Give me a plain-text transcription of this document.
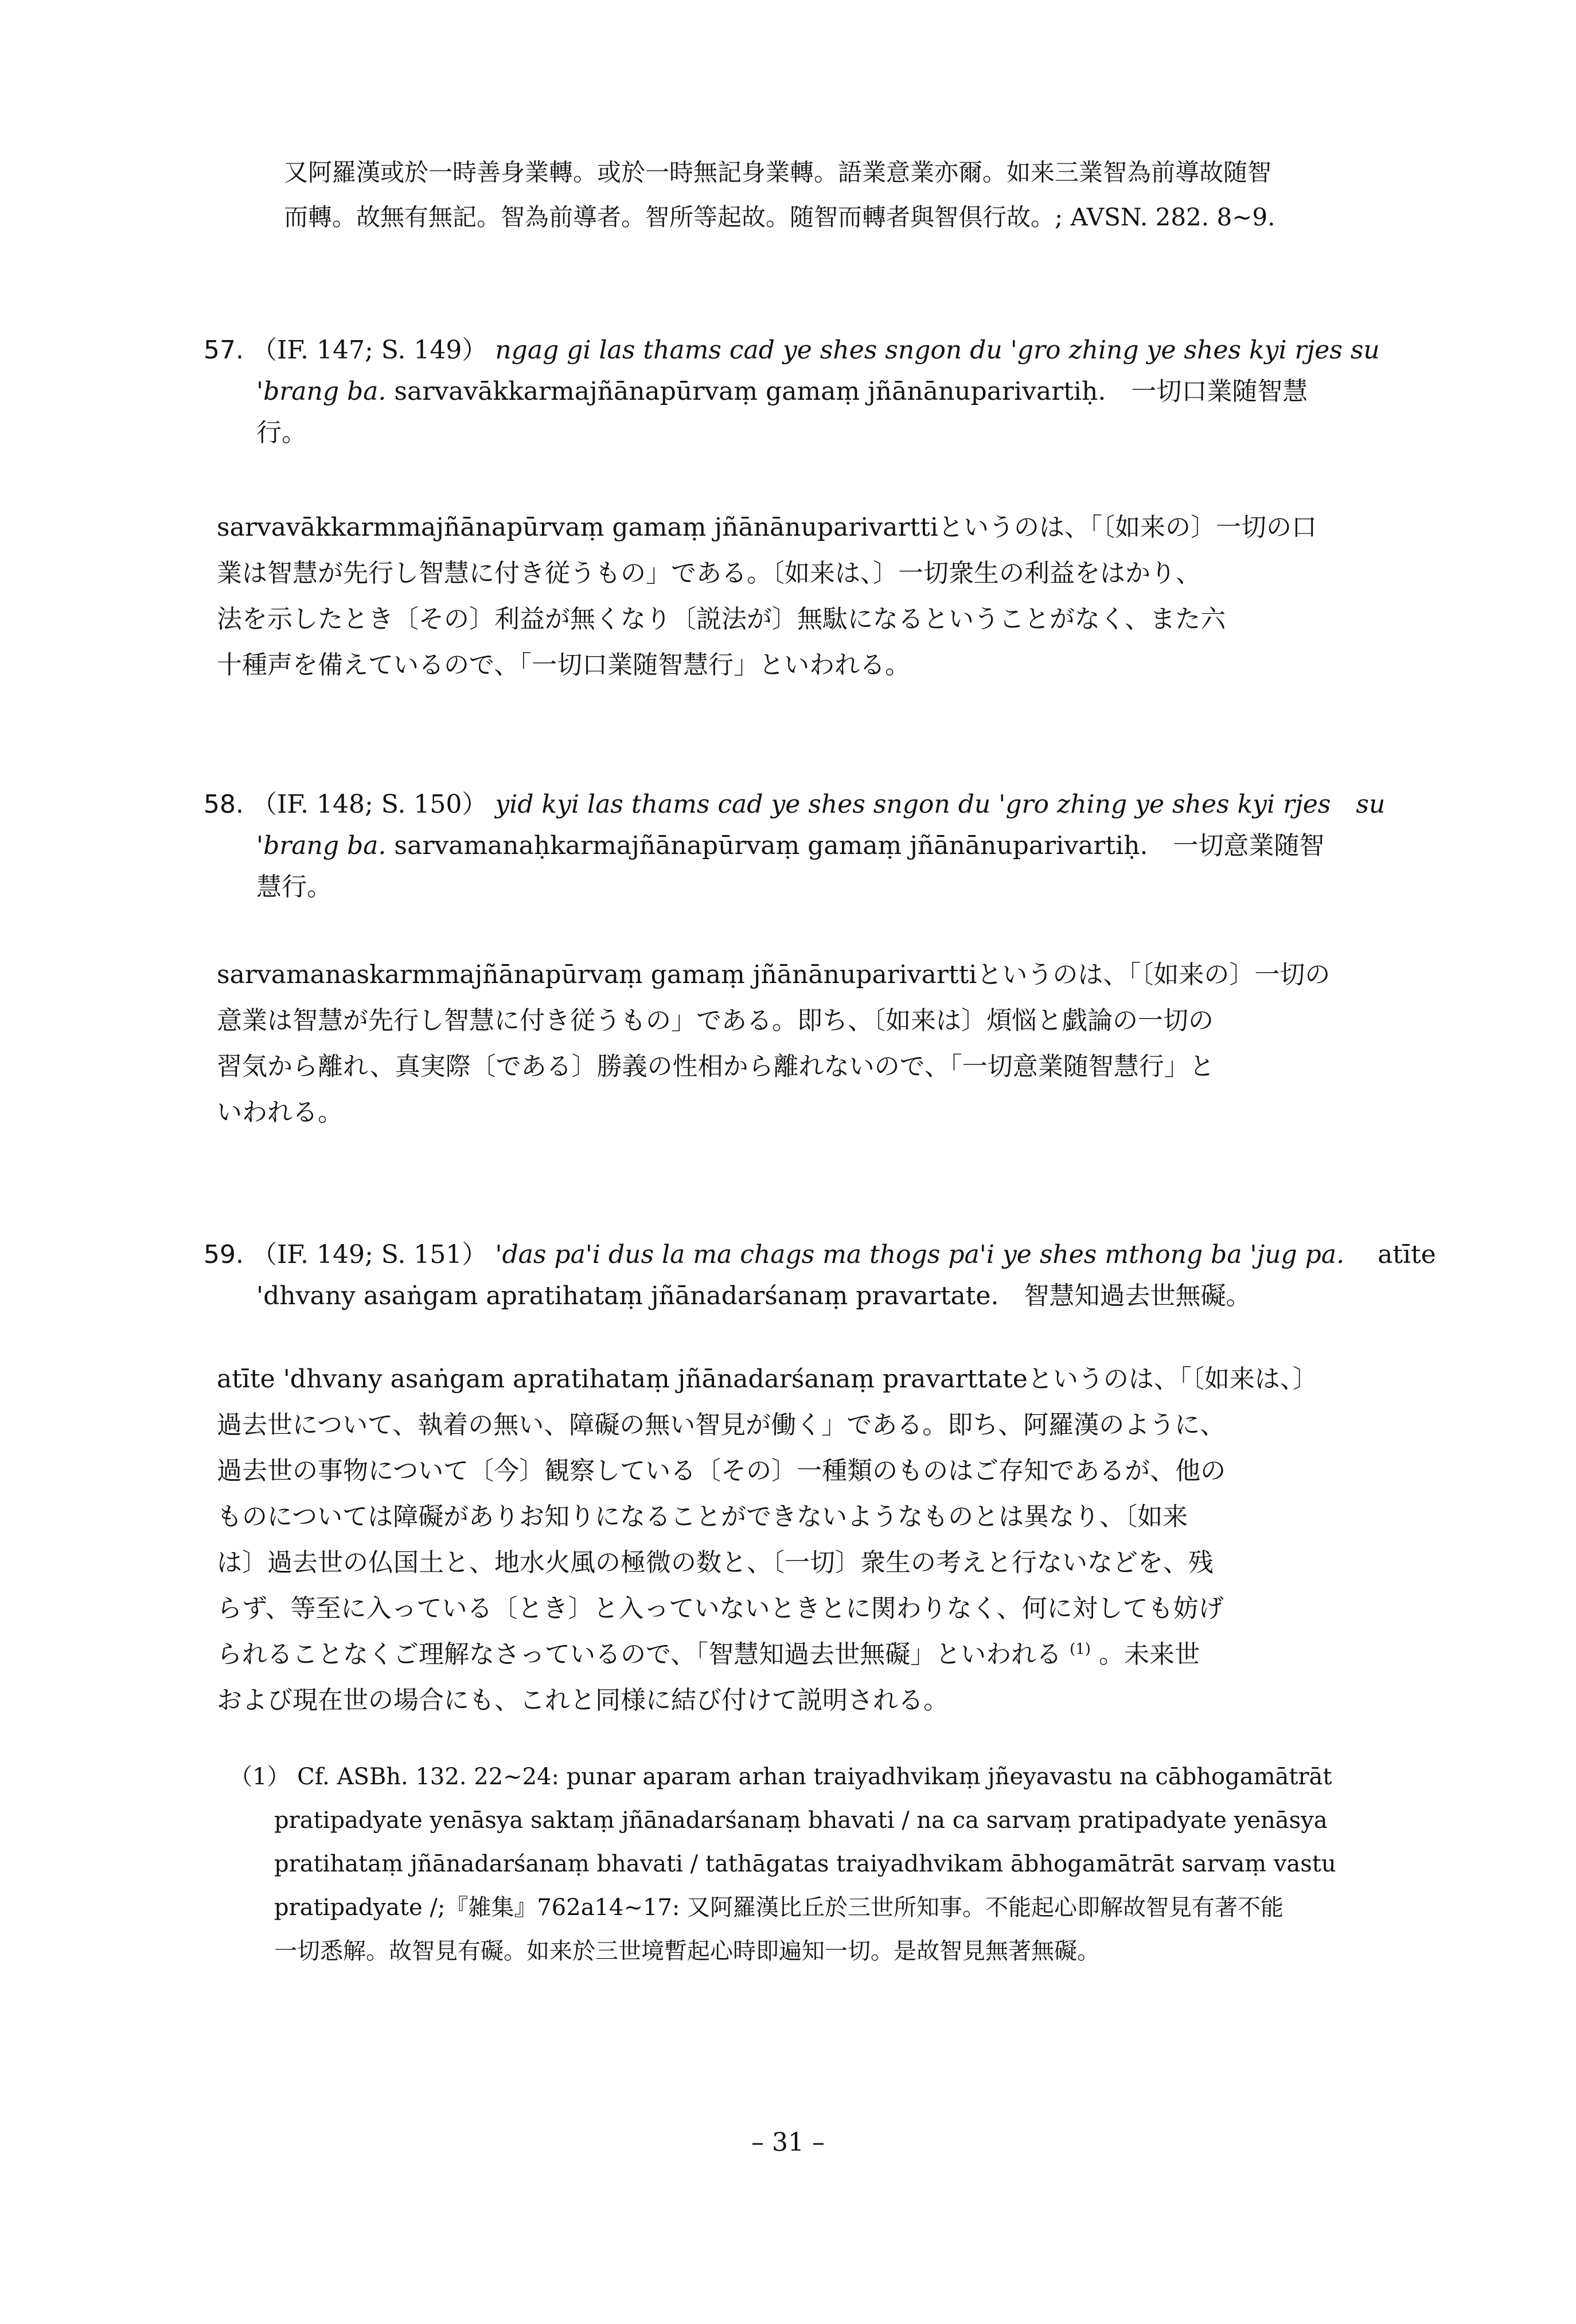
又阿羅漢或於一時善身業轉。或於一時無記身業轉。語業意業亦爾。如来三業智為前導故随智
而轉。故無有無記。智為前導者。智所等起故。随智而轉者與智倶行故。; AVSN. 282. 8~9.
57. （IF. 147; S. 149） ngag gi las thams cad ye shes sngon du 'gro zhing ye shes kyi rjes su
'brang ba. sarvavākkarmajñānapūrvaṃ gamaṃ jñānānuparivartiḥ.　一切口業随智慧
行。
sarvavākkarmmajñānapūrvaṃ gamaṃ jñānānuparivarttiというのは、「〔如来の〕一切の口
業は智慧が先行し智慧に付き従うもの」である。〔如来は、〕一切衆生の利益をはかり、
法を示したとき〔その〕利益が無くなり〔説法が〕無駄になるということがなく、また六
十種声を備えているので、「一切口業随智慧行」といわれる。
58. （IF. 148; S. 150） yid kyi las thams cad ye shes sngon du 'gro zhing ye shes kyi rjes　su
'brang ba. sarvamanaḥkarmajñānapūrvaṃ gamaṃ jñānānuparivartiḥ.　一切意業随智
慧行。
sarvamanaskarmmajñānapūrvaṃ gamaṃ jñānānuparivarttiというのは、「〔如来の〕一切の
意業は智慧が先行し智慧に付き従うもの」である。即ち、〔如来は〕煩悩と戯論の一切の
習気から離れ、真実際〔である〕勝義の性相から離れないので、「一切意業随智慧行」と
いわれる。
59. （IF. 149; S. 151） 'das pa'i dus la ma chags ma thogs pa'i ye shes mthong ba 'jug pa. 　atīte
'dhvany asaṅgam apratihataṃ jñānadarśanaṃ pravartate.　智慧知過去世無礙。
atīte 'dhvany asaṅgam apratihataṃ jñānadarśanaṃ pravarttateというのは、「〔如来は、〕
過去世について、執着の無い、障礙の無い智見が働く」である。即ち、阿羅漢のように、
過去世の事物について〔今〕観察している〔その〕一種類のものはご存知であるが、他の
ものについては障礙がありお知りになることができないようなものとは異なり、〔如来
は〕過去世の仏国土と、地水火風の極微の数と、〔一切〕衆生の考えと行ないなどを、残
らず、等至に入っている〔とき〕と入っていないときとに関わりなく、何に対しても妨げ
られることなくご理解なさっているので、「智慧知過去世無礙」といわれる $^{(1)}$ 。未来世
および現在世の場合にも、これと同様に結び付けて説明される。
（1） Cf. ASBh. 132. 22~24: punar aparam arhan traiyadhvikaṃ jñeyavastu na cābhogamātrāt
pratipadyate yenāsya saktaṃ jñānadarśanaṃ bhavati / na ca sarvaṃ pratipadyate yenāsya
pratihataṃ jñānadarśanaṃ bhavati / tathāgatas traiyadhvikam ābhogamātrāt sarvaṃ vastu
pratipadyate /;『雑集』762a14~17: 又阿羅漢比丘於三世所知事。不能起心即解故智見有著不能
一切悉解。故智見有礙。如来於三世境暫起心時即遍知一切。是故智見無著無礙。
– 31 –
